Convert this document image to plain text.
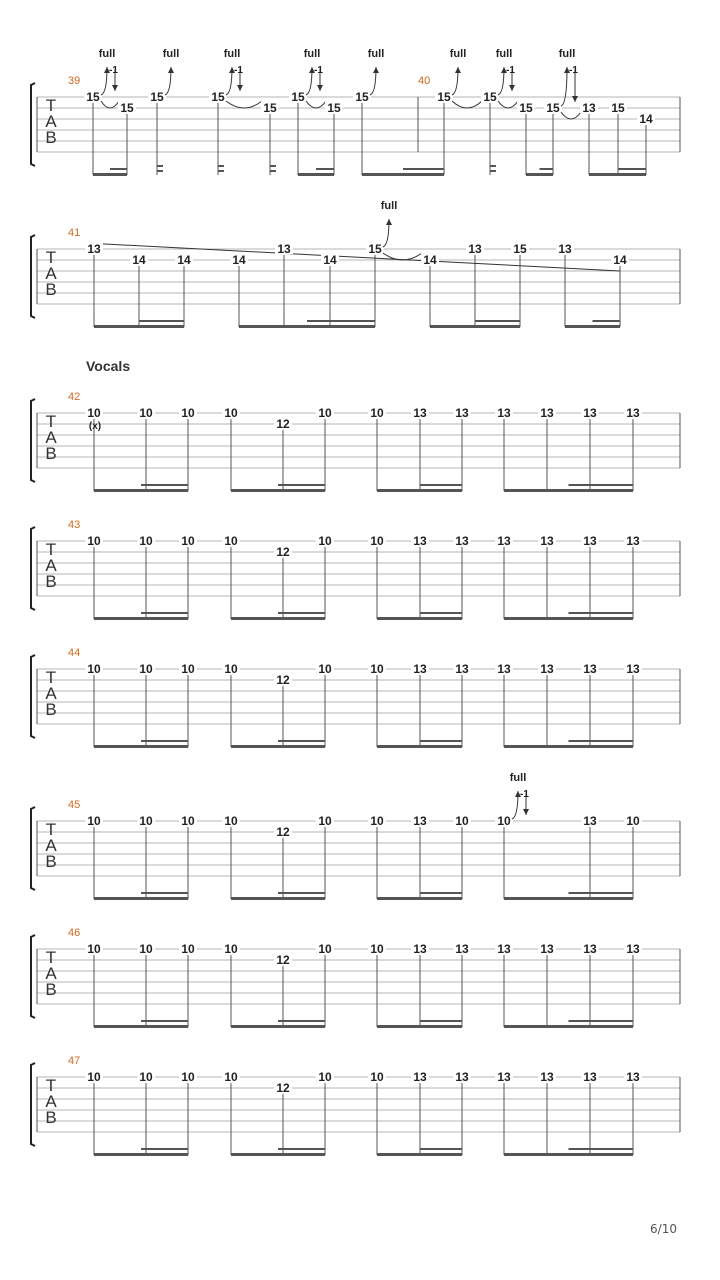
T
A
B
39	40
15
full
-1
15
15
full
15
full
-1
15
15
full
-1
15
15
full
15
full
15
full
-1
15 15
full
-1
13 15
14
T
A
B
41
13
14	14	14
13
14
15
full
14
13	15	13
14
T
A
B
42
Vocals
10
(x)
10 10 10
12
10	10 13 13 13 13 13 13
T
A
B
43
10	10 10 10
12
10	10 13 13 13 13 13 13
T
A
B
44
10	10 10 10
12
10	10 13 13 13 13 13 13
T
A
B
45
10	10 10 10
12
10	10 13 10 10
full
-1
13 10
T
A
B
46
10	10 10 10
12
10	10 13 13 13 13 13 13
T
A
B
47
10	10 10 10
12
10	10 13 13 13 13 13 13
6/10
